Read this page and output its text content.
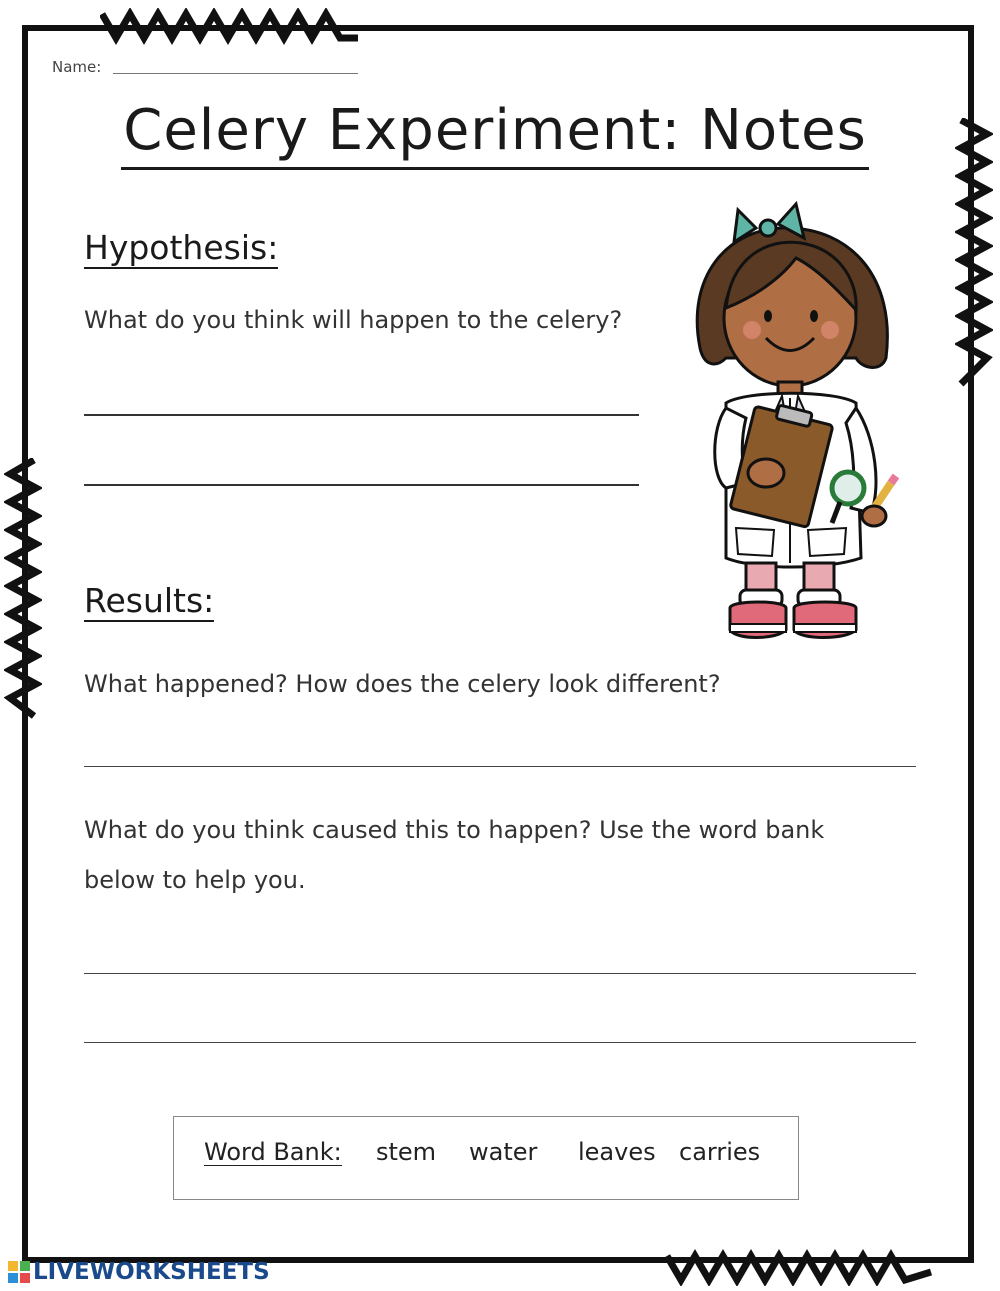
Name:
Celery Experiment: Notes
Hypothesis:
What do you think will happen to the celery?
Results:
What happened? How does the celery look different?
What do you think caused this to happen? Use the word bank
below to help you.
Word Bank: stem water leaves carries
LIVEWORKSHEETS
